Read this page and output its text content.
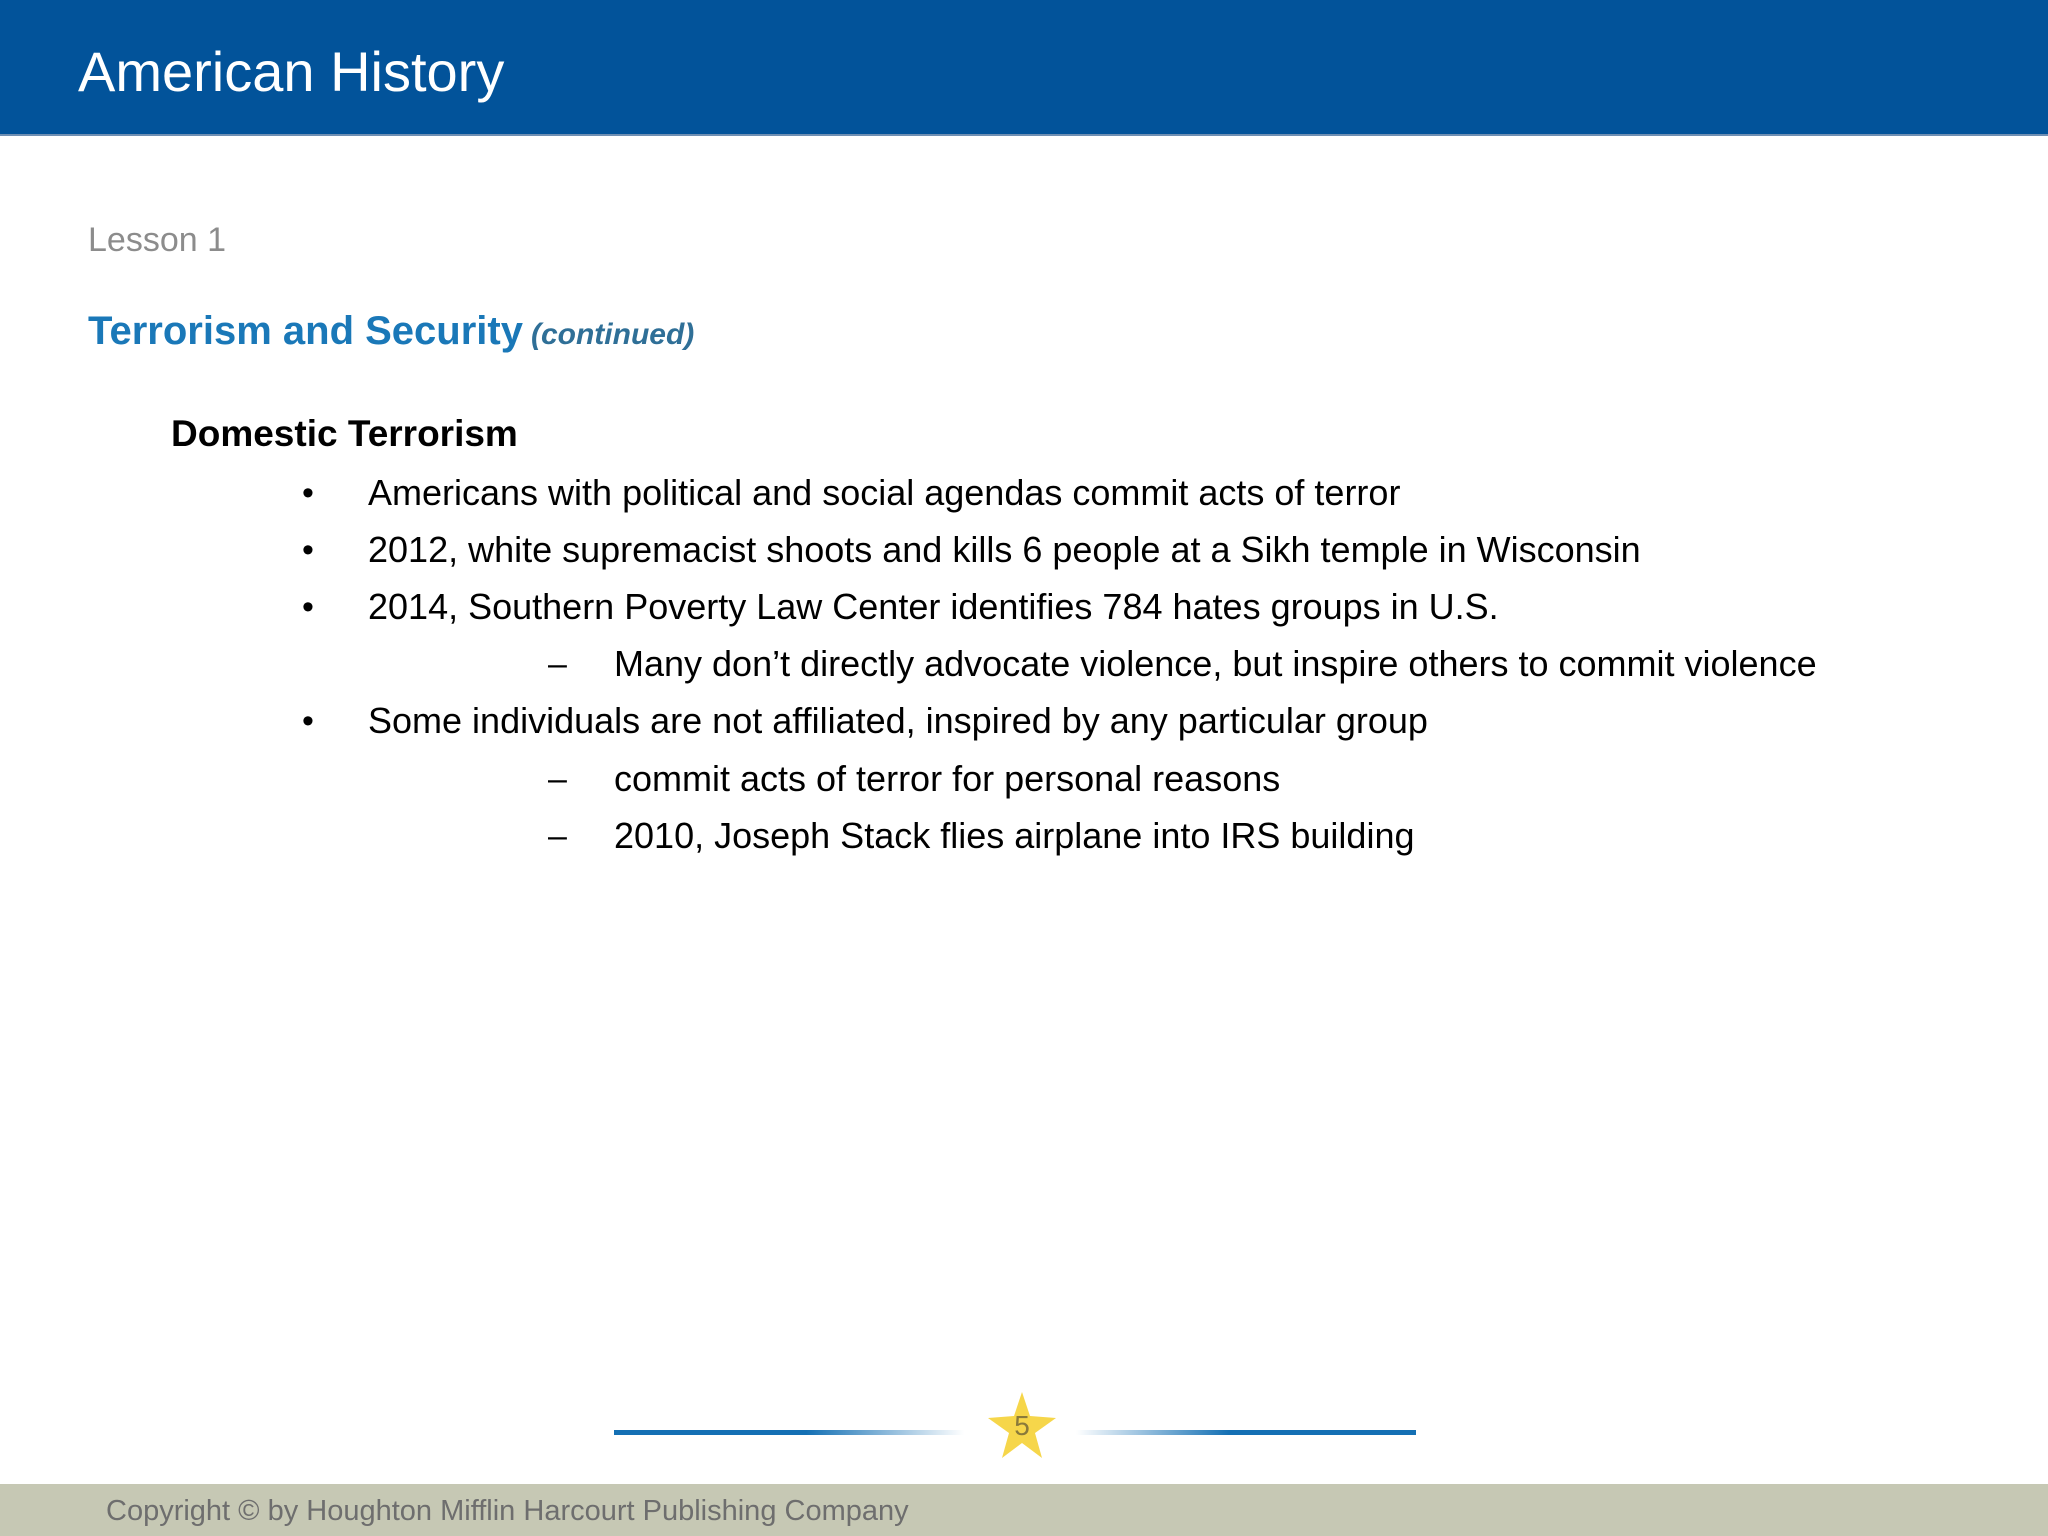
American History
Lesson 1
Terrorism and Security (continued)
Domestic Terrorism
• Americans with political and social agendas commit acts of terror
• 2012, white supremacist shoots and kills 6 people at a Sikh temple in Wisconsin
• 2014, Southern Poverty Law Center identifies 784 hates groups in U.S.
– Many don’t directly advocate violence, but inspire others to commit violence
• Some individuals are not affiliated, inspired by any particular group
– commit acts of terror for personal reasons
– 2010, Joseph Stack flies airplane into IRS building
5
Copyright © by Houghton Mifflin Harcourt Publishing Company
